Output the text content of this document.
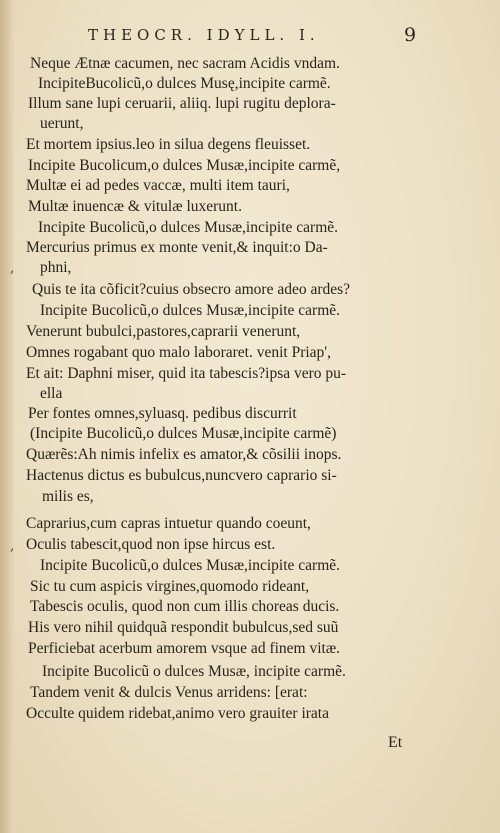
THEOCR. IDYLL. I.	9
Neque Ætnæ cacumen, nec sacram Acidis vndam.
IncipiteBucolicũ,o dulces Musę,incipite carmẽ.
Illum sane lupi ceruarii, aliiq. lupi rugitu deplora-
uerunt,
Et mortem ipsius.leo in silua degens fleuisset.
Incipite Bucolicum,o dulces Musæ,incipite carmẽ,
Multæ ei ad pedes vaccæ, multi item tauri,
Multæ inuencæ & vitulæ luxerunt.
Incipite Bucolicũ,o dulces Musæ,incipite carmẽ.
Mercurius primus ex monte venit,& inquit:o Da-
phni,
Quis te ita cõficit?cuius obsecro amore adeo ardes?
Incipite Bucolicũ,o dulces Musæ,incipite carmẽ.
Venerunt bubulci,pastores,caprarii venerunt,
Omnes rogabant quo malo laboraret. venit Priap',
Et ait: Daphni miser, quid ita tabescis?ipsa vero pu-
ella
Per fontes omnes,syluasq. pedibus discurrit
(Incipite Bucolicũ,o dulces Musæ,incipite carmẽ)
Quærẽs:Ah nimis infelix es amator,& cõsilii inops.
Hactenus dictus es bubulcus,nuncvero caprario si-
milis es,
Caprarius,cum capras intuetur quando coeunt,
Oculis tabescit,quod non ipse hircus est.
Incipite Bucolicũ,o dulces Musæ,incipite carmẽ.
Sic tu cum aspicis virgines,quomodo rideant,
Tabescis oculis, quod non cum illis choreas ducis.
His vero nihil quidquã respondit bubulcus,sed suũ
Perficiebat acerbum amorem vsque ad finem vitæ.
Incipite Bucolicũ o dulces Musæ, incipite carmẽ.
Tandem venit & dulcis Venus arridens: [erat:
Occulte quidem ridebat,animo vero grauiter irata
Et
,
,
